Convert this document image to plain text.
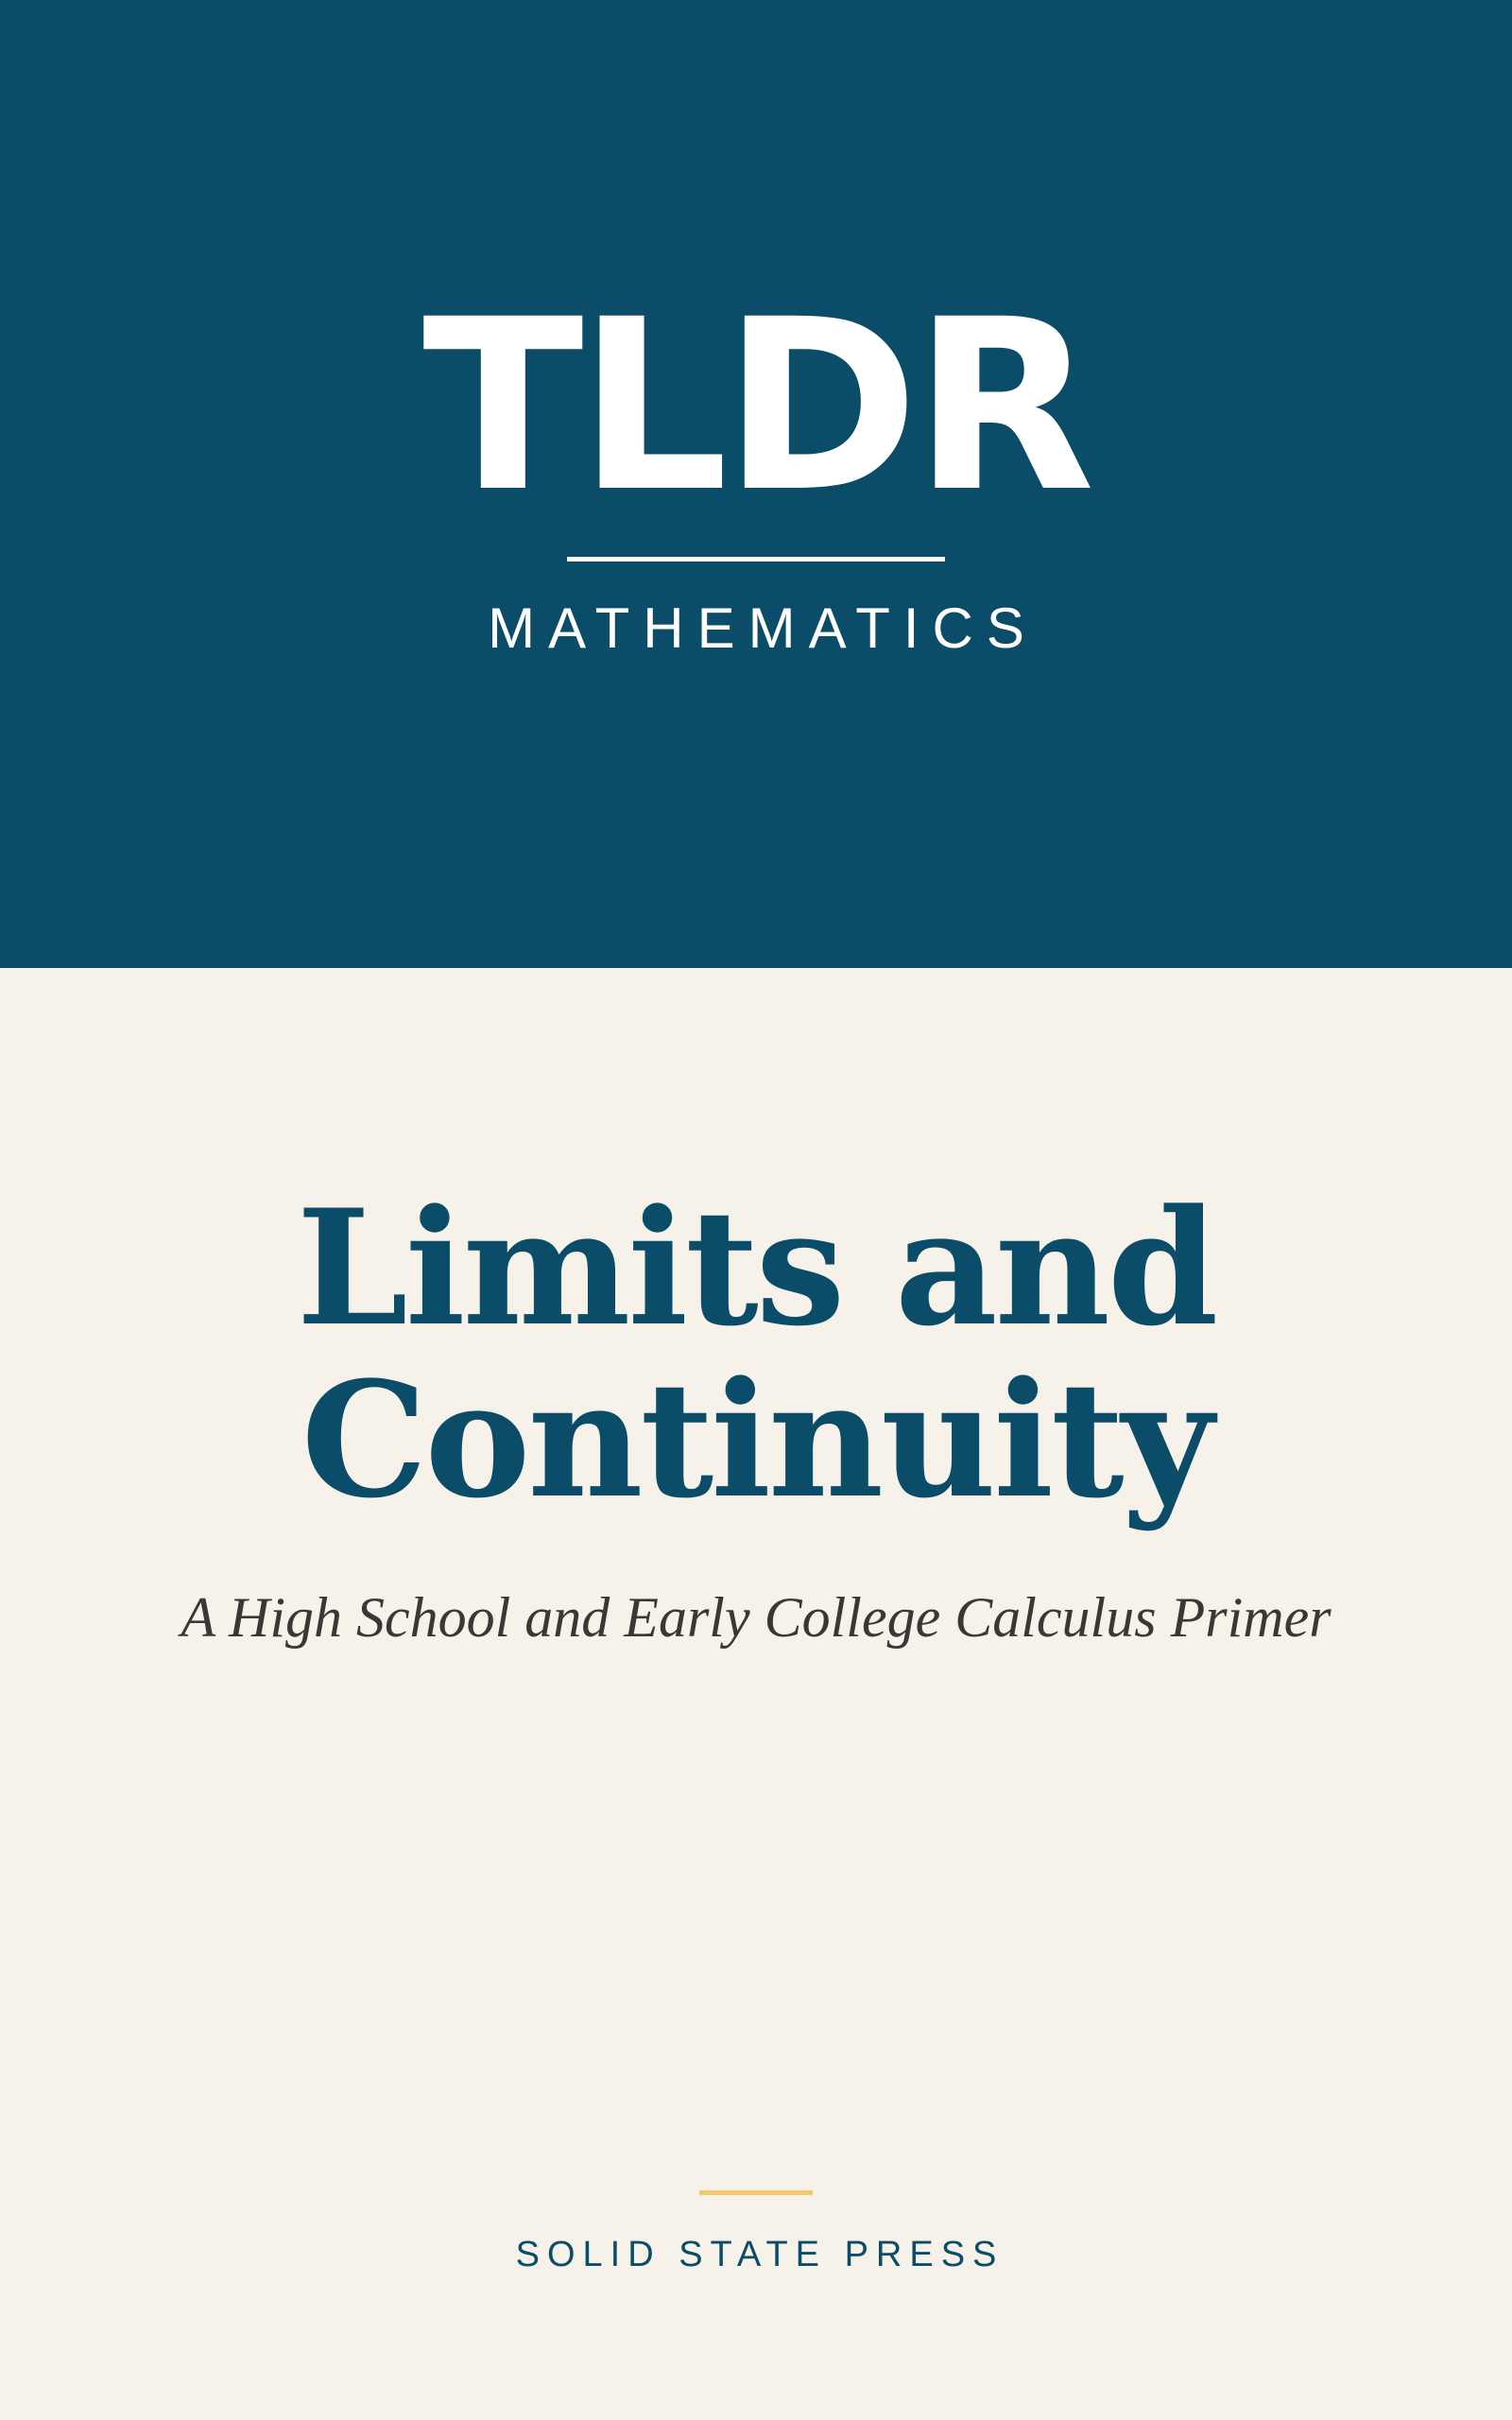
TLDR
MATHEMATICS
Limits and
Continuity
A High School and Early College Calculus Primer
SOLID STATE PRESS
